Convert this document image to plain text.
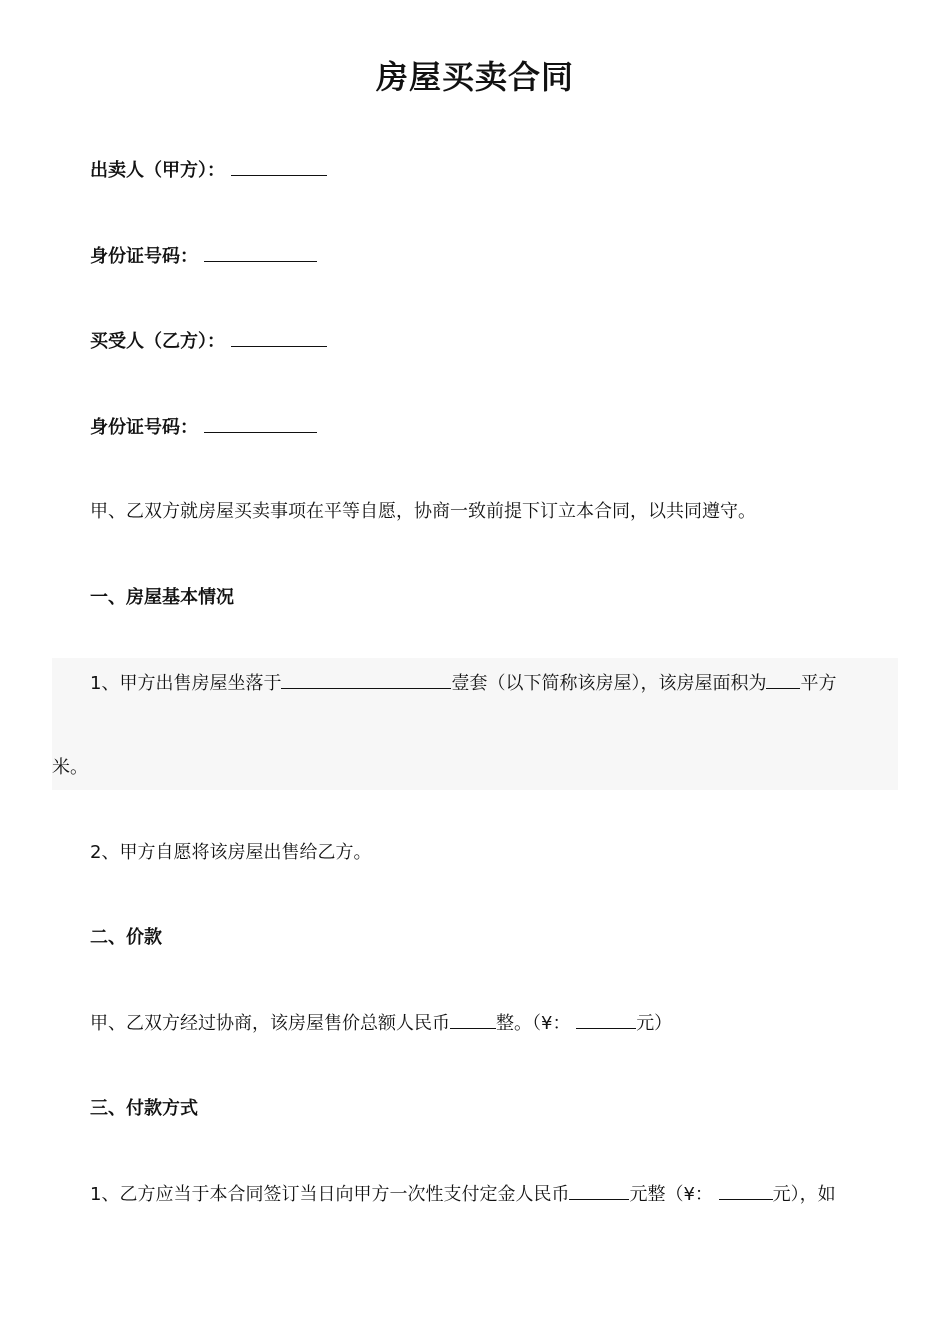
房屋买卖合同
出卖人（甲方）：
身份证号码：
买受人（乙方）：
身份证号码：
甲、乙双方就房屋买卖事项在平等自愿，协商一致前提下订立本合同，以共同遵守。
一、房屋基本情况
1、甲方出售房屋坐落于	壹套（以下简称该房屋），该房屋面积为 平方
米。
2、甲方自愿将该房屋出售给乙方。
二、价款
甲、乙双方经过协商，该房屋售价总额人民币	整。（¥：	元）
三、付款方式
1、乙方应当于本合同签订当日向甲方一次性支付定金人民币	元整（¥：	元），如
